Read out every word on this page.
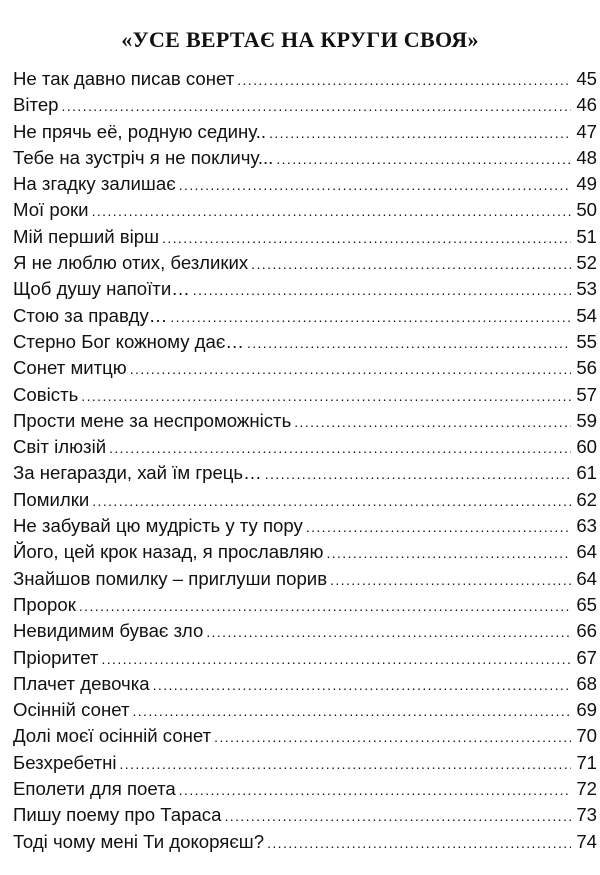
«УСЕ ВЕРТАЄ НА КРУГИ СВОЯ»
Не так давно писав сонет .....	45
Вітер .....	46
Не прячь её, родную седину.. .....	47
Тебе на зустріч я не покличу... .....	48
На згадку залишає .....	49
Мої роки .....	50
Мій перший вірш .....	51
Я не люблю отих, безликих .....	52
Щоб душу напоїти… .....	53
Стою за правду… .....	54
Стерно Бог кожному дає… .....	55
Сонет митцю .....	56
Совість .....	57
Прости мене за неспроможність .....	59
Світ ілюзій .....	60
За негаразди, хай їм грець… .....	61
Помилки .....	62
Не забувай цю мудрість у ту пору .....	63
Його, цей крок назад, я прославляю .....	64
Знайшов помилку – приглуши порив .....	64
Пророк .....	65
Невидимим буває зло .....	66
Пріоритет .....	67
Плачет девочка .....	68
Осінній сонет .....	69
Долі моєї осінній сонет .....	70
Безхребетні .....	71
Еполети для поета .....	72
Пишу поему про Тараса .....	73
Тоді чому мені Ти докоряєш? .....	74
